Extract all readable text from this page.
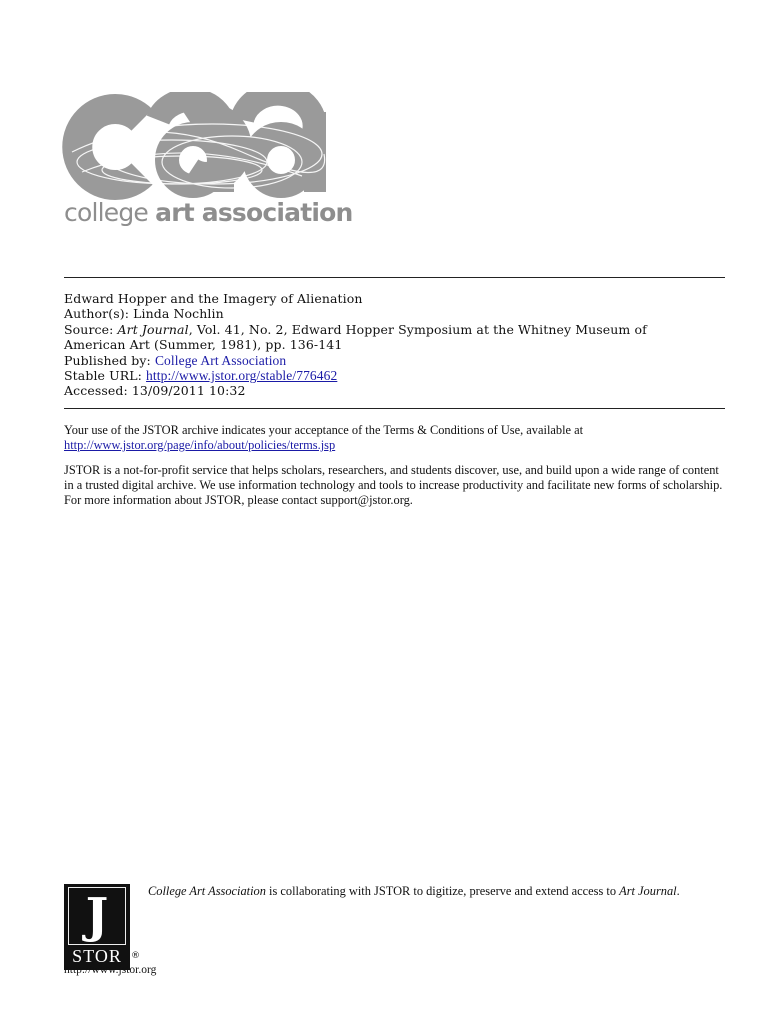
college art association
Edward Hopper and the Imagery of Alienation
Author(s): Linda Nochlin
Source: Art Journal, Vol. 41, No. 2, Edward Hopper Symposium at the Whitney Museum of
American Art (Summer, 1981), pp. 136-141
Published by: College Art Association
Stable URL: http://www.jstor.org/stable/776462
Accessed: 13/09/2011 10:32

Your use of the JSTOR archive indicates your acceptance of the Terms & Conditions of Use, available at
http://www.jstor.org/page/info/about/policies/terms.jsp

JSTOR is a not-for-profit service that helps scholars, researchers, and students discover, use, and build upon a wide range of content in a trusted digital archive. We use information technology and tools to increase productivity and facilitate new forms of scholarship. For more information about JSTOR, please contact support@jstor.org.

J
STOR	®
http://www.jstor.org
College Art Association is collaborating with JSTOR to digitize, preserve and extend access to Art Journal.
